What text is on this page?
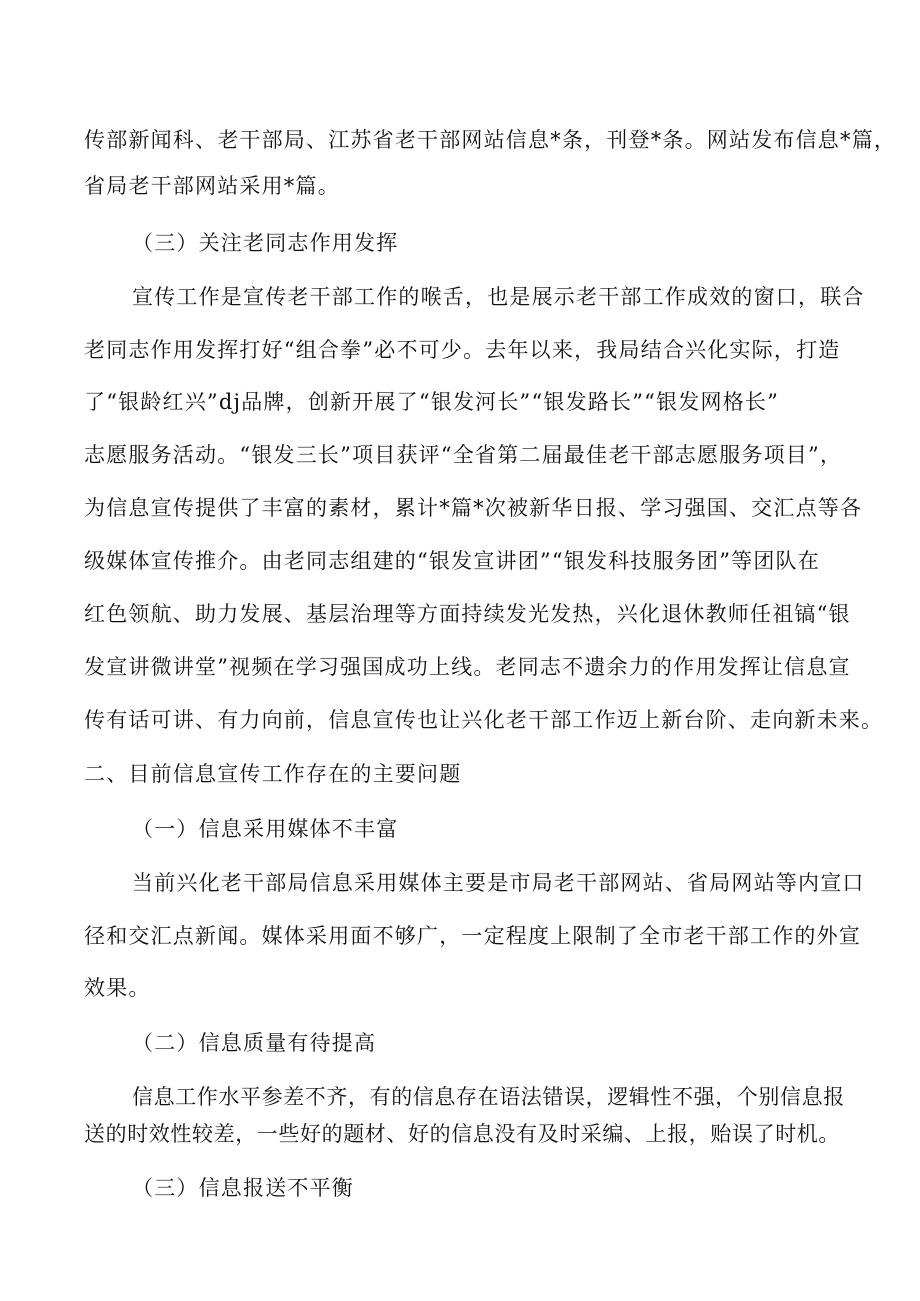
传部新闻科、老干部局、江苏省老干部网站信息*条，刊登*条。网站发布信息*篇，

省局老干部网站采用*篇。

（三）关注老同志作用发挥

宣传工作是宣传老干部工作的喉舌，也是展示老干部工作成效的窗口，联合

老同志作用发挥打好“组合拳”必不可少。去年以来，我局结合兴化实际，打造

了“银龄红兴”dj品牌，创新开展了“银发河长”“银发路长”“银发网格长”

志愿服务活动。“银发三长”项目获评“全省第二届最佳老干部志愿服务项目”，

为信息宣传提供了丰富的素材，累计*篇*次被新华日报、学习强国、交汇点等各

级媒体宣传推介。由老同志组建的“银发宣讲团”“银发科技服务团”等团队在

红色领航、助力发展、基层治理等方面持续发光发热，兴化退休教师任祖镐“银

发宣讲微讲堂”视频在学习强国成功上线。老同志不遗余力的作用发挥让信息宣

传有话可讲、有力向前，信息宣传也让兴化老干部工作迈上新台阶、走向新未来。

二、目前信息宣传工作存在的主要问题

（一）信息采用媒体不丰富

当前兴化老干部局信息采用媒体主要是市局老干部网站、省局网站等内宣口

径和交汇点新闻。媒体采用面不够广，一定程度上限制了全市老干部工作的外宣

效果。

（二）信息质量有待提高

信息工作水平参差不齐，有的信息存在语法错误，逻辑性不强，个别信息报

送的时效性较差，一些好的题材、好的信息没有及时采编、上报，贻误了时机。

（三）信息报送不平衡
